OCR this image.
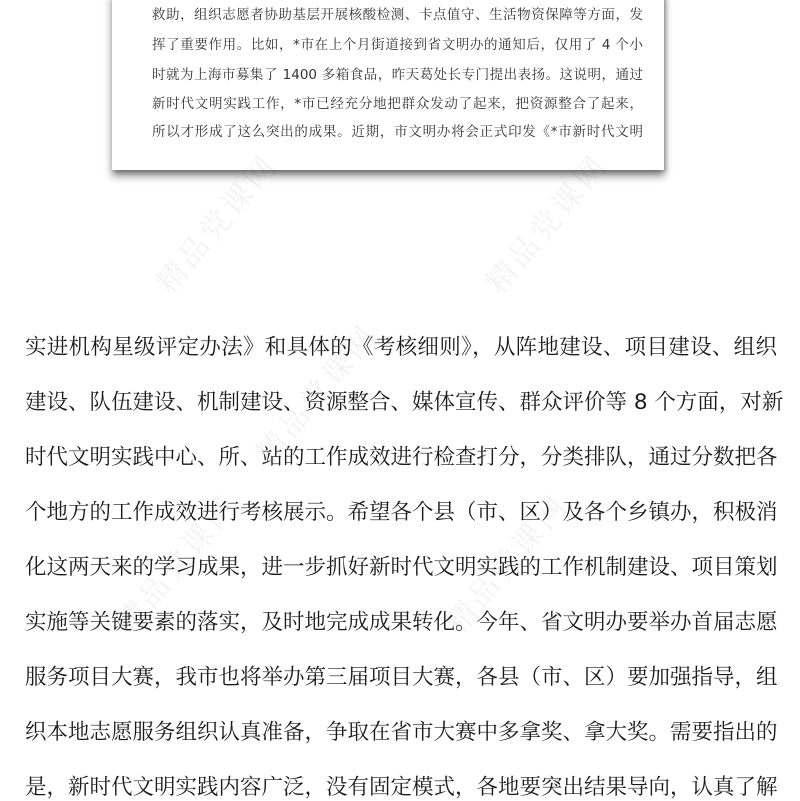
救助，组织志愿者协助基层开展核酸检测、卡点值守、生活物资保障等方面，发
挥了重要作用。比如，*市在上个月街道接到省文明办的通知后，仅用了 4 个小
时就为上海市募集了 1400 多箱食品，昨天葛处长专门提出表扬。这说明，通过
新时代文明实践工作，*市已经充分地把群众发动了起来，把资源整合了起来，
所以才形成了这么突出的成果。近期，市文明办将会正式印发《*市新时代文明
实进机构星级评定办法》和具体的《考核细则》，从阵地建设、项目建设、组织
建设、队伍建设、机制建设、资源整合、媒体宣传、群众评价等 8 个方面，对新
时代文明实践中心、所、站的工作成效进行检查打分，分类排队，通过分数把各
个地方的工作成效进行考核展示。希望各个县（市、区）及各个乡镇办，积极消
化这两天来的学习成果，进一步抓好新时代文明实践的工作机制建设、项目策划
实施等关键要素的落实，及时地完成成果转化。今年、省文明办要举办首届志愿
服务项目大赛，我市也将举办第三届项目大赛，各县（市、区）要加强指导，组
织本地志愿服务组织认真准备，争取在省市大赛中多拿奖、拿大奖。需要指出的
是，新时代文明实践内容广泛，没有固定模式，各地要突出结果导向，认真了解
精品党课网	精品党课网
精品党课网
精品党课网	精品党课网
